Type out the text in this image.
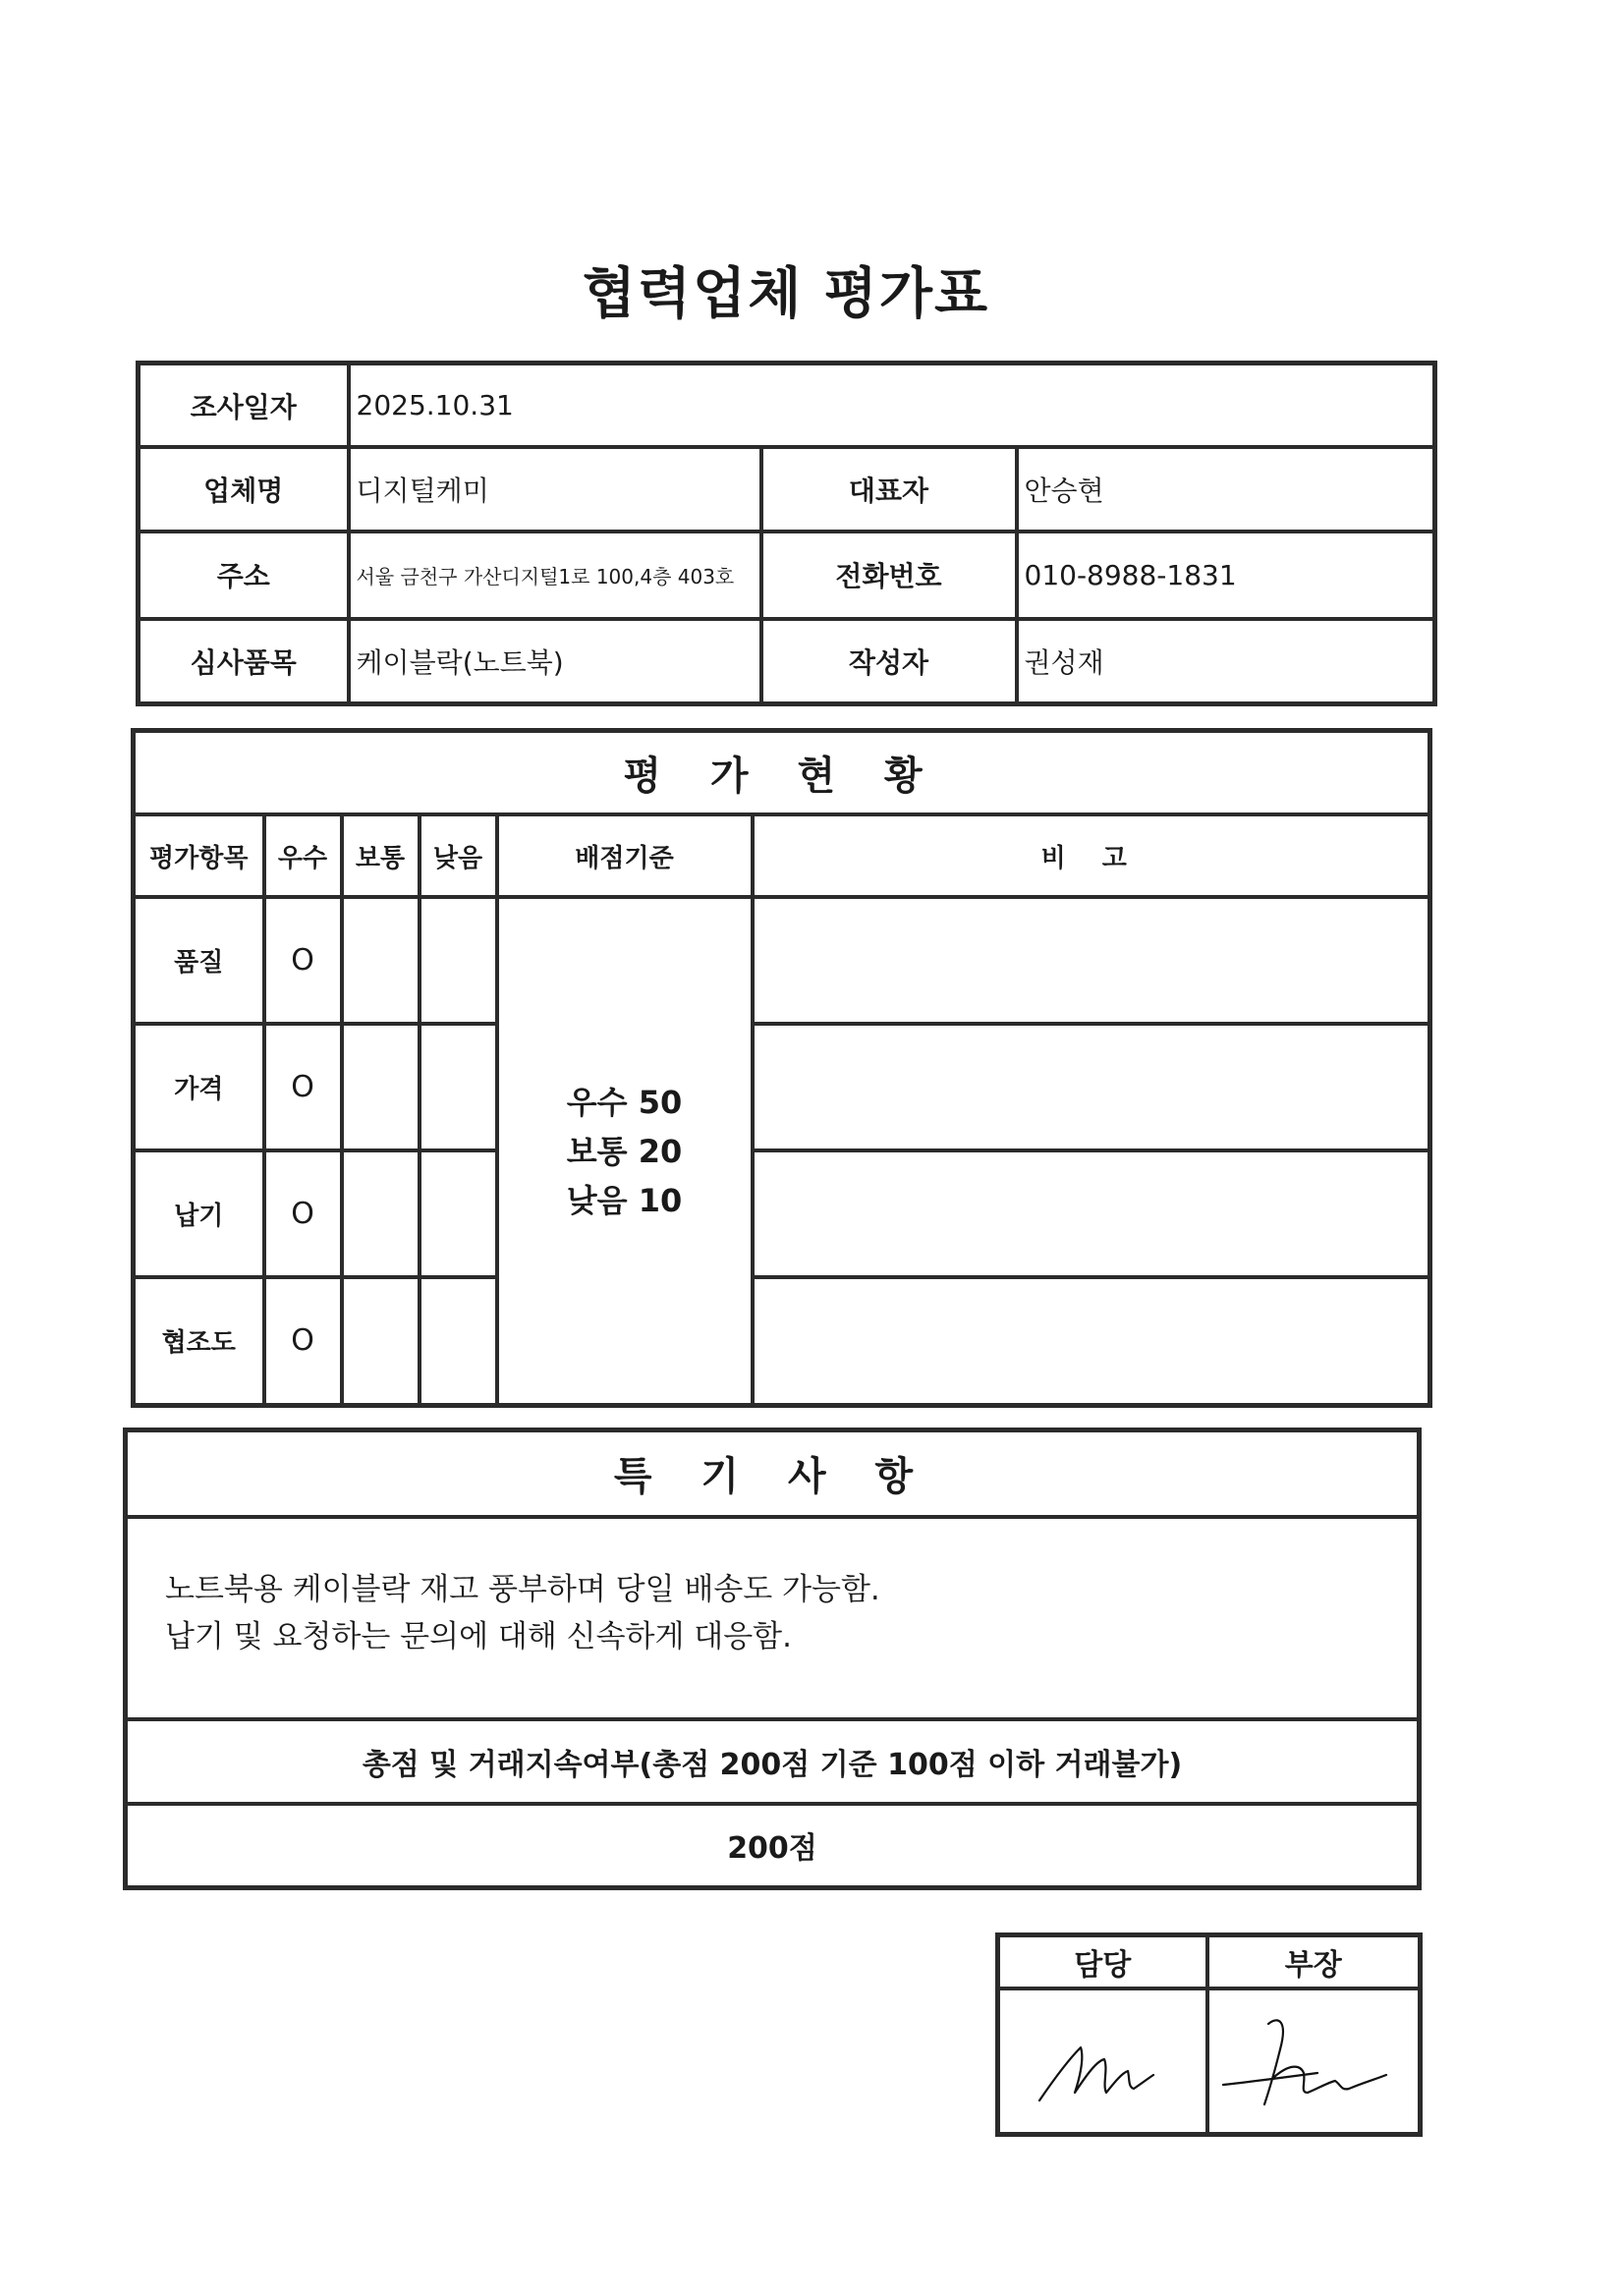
협력업체 평가표
조사일자	2025.10.31		
업체명	디지털케미	대표자	안승현
주소	서울 금천구 가산디지털1로 100,4층 403호	전화번호	010-8988-1831
심사품목	케이블락(노트북)	작성자	권성재
평 가 현 황					
평가항목	우수	보통	낮음	배점기준	비 고
품질	O			우수 50
보통 20
낮음 10	

가격	O				
납기	O				
협조도	O				
특 기 사 항

노트북용 케이블락 재고 풍부하며 당일 배송도 가능함.
납기 및 요청하는 문의에 대해 신속하게 대응함.

총점 및 거래지속여부(총점 200점 기준 100점 이하 거래불가)
200점
담당	부장
